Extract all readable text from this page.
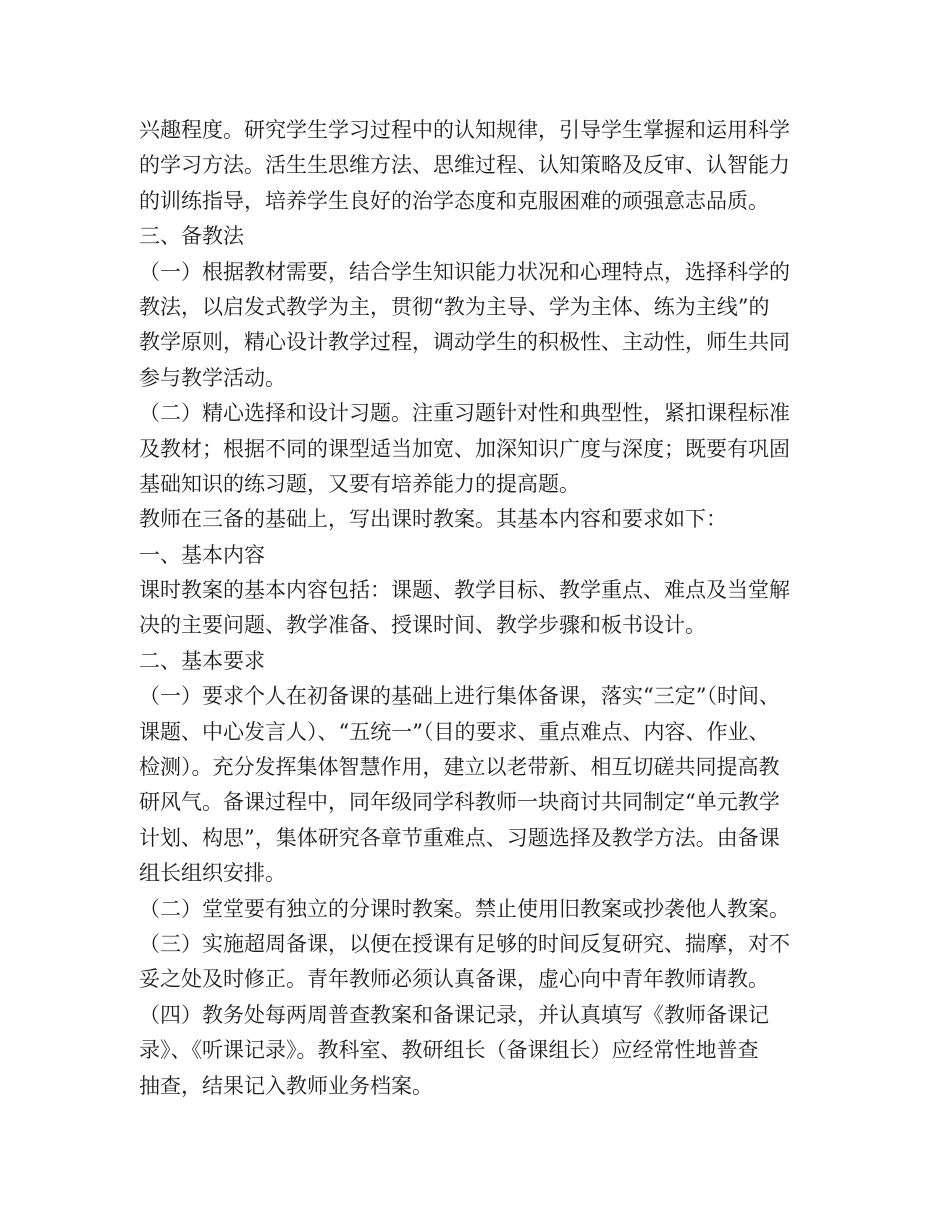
兴趣程度。研究学生学习过程中的认知规律，引导学生掌握和运用科学

的学习方法。活生生思维方法、思维过程、认知策略及反审、认智能力

的训练指导，培养学生良好的治学态度和克服困难的顽强意志品质。

三、备教法

（一）根据教材需要，结合学生知识能力状况和心理特点，选择科学的

教法，以启发式教学为主，贯彻“教为主导、学为主体、练为主线”的

教学原则，精心设计教学过程，调动学生的积极性、主动性，师生共同

参与教学活动。

（二）精心选择和设计习题。注重习题针对性和典型性，紧扣课程标准

及教材；根据不同的课型适当加宽、加深知识广度与深度；既要有巩固

基础知识的练习题，又要有培养能力的提高题。

教师在三备的基础上，写出课时教案。其基本内容和要求如下：

一、基本内容

课时教案的基本内容包括：课题、教学目标、教学重点、难点及当堂解

决的主要问题、教学准备、授课时间、教学步骤和板书设计。

二、基本要求

（一）要求个人在初备课的基础上进行集体备课，落实“三定”（时间、

课题、中心发言人）、“五统一”（目的要求、重点难点、内容、作业、

检测）。充分发挥集体智慧作用，建立以老带新、相互切磋共同提高教

研风气。备课过程中，同年级同学科教师一块商讨共同制定“单元教学

计划、构思”，集体研究各章节重难点、习题选择及教学方法。由备课

组长组织安排。

（二）堂堂要有独立的分课时教案。禁止使用旧教案或抄袭他人教案。

（三）实施超周备课，以便在授课有足够的时间反复研究、揣摩，对不

妥之处及时修正。青年教师必须认真备课，虚心向中青年教师请教。

（四）教务处每两周普查教案和备课记录，并认真填写《教师备课记

录》、《听课记录》。教科室、教研组长（备课组长）应经常性地普查

抽查，结果记入教师业务档案。
